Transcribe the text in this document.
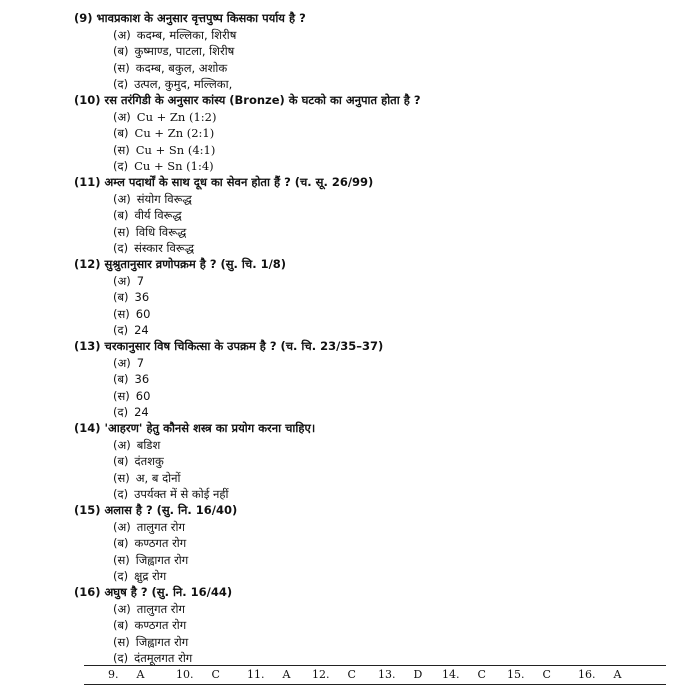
(9) भावप्रकाश के अनुसार वृत्तपुष्प किसका पर्याय है ?
(अ) कदम्ब, मल्लिका, शिरीष
(ब) कुष्माण्ड, पाटला, शिरीष
(स) कदम्ब, बकुल, अशोक
(द) उत्पल, कुमुद, मल्लिका,
(10) रस तरंगिडी के अनुसार कांस्य (Bronze) के घटको का अनुपात होता है ?
(अ) Cu + Zn (1:2)
(ब) Cu + Zn (2:1)
(स) Cu + Sn (4:1)
(द) Cu + Sn (1:4)
(11) अम्ल पदार्थों के साथ दूध का सेवन होता हैं ? (च. सू. 26/99)
(अ) संयोग विरूद्ध
(ब) वीर्य विरूद्ध
(स) विधि विरूद्ध
(द) संस्कार विरूद्ध
(12) सुश्रुतानुसार व्रणोपक्रम है ? (सु. चि. 1/8)
(अ) 7
(ब) 36
(स) 60
(द) 24
(13) चरकानुसार विष चिकित्सा के उपक्रम है ? (च. चि. 23/35–37)
(अ) 7
(ब) 36
(स) 60
(द) 24
(14) 'आहरण' हेतु कौनसे शस्त्र का प्रयोग करना चाहिए।
(अ) बडिश
(ब) दंतशकु
(स) अ, ब दोनों
(द) उपर्यक्त में से कोई नहीं
(15) अलास है ? (सु. नि. 16/40)
(अ) तालुगत रोग
(ब) कण्ठगत रोग
(स) जिह्वागत रोग
(द) क्षुद्र रोग
(16) अघुष है ? (सु. नि. 16/44)
(अ) तालुगत रोग
(ब) कण्ठगत रोग
(स) जिह्वागत रोग
(द) दंतमूलगत रोग
9. A	10. C 11. A 12. C 13. D 14. C 15. C 16. A
